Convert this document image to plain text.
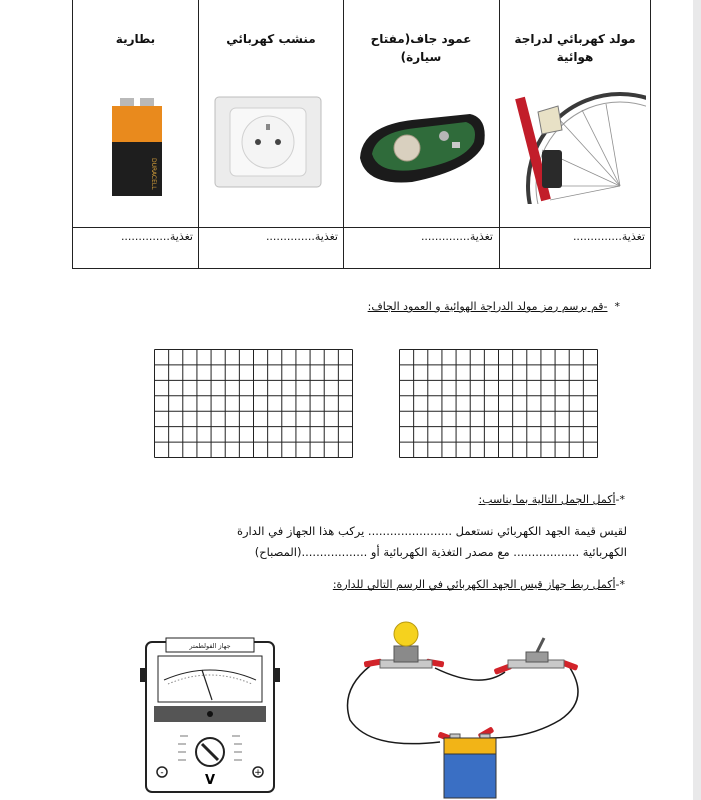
مولد كهربائي لدراجة هوائية
عمود جاف(مفتاح سيارة)
منشب كهربائي
بطارية
تغذية..............
تغذية..............
تغذية..............
تغذية..............
DURACELL
*  -قم برسم رمز مولد الدراجة الهوائية و العمود الجاف:
*-أكمل الجمل التالية بما يناسب:
لقيس قيمة الجهد الكهربائي نستعمل ....................... يركب هذا الجهاز في الدارة
الكهربائية .................. مع مصدر التغذية الكهربائية أو ..................(المصباح)
*-أكمل ربط جهاز قيس الجهد الكهربائي في الرسم التالي للدارة:
جهاز الفولطمتر
-	+
V
